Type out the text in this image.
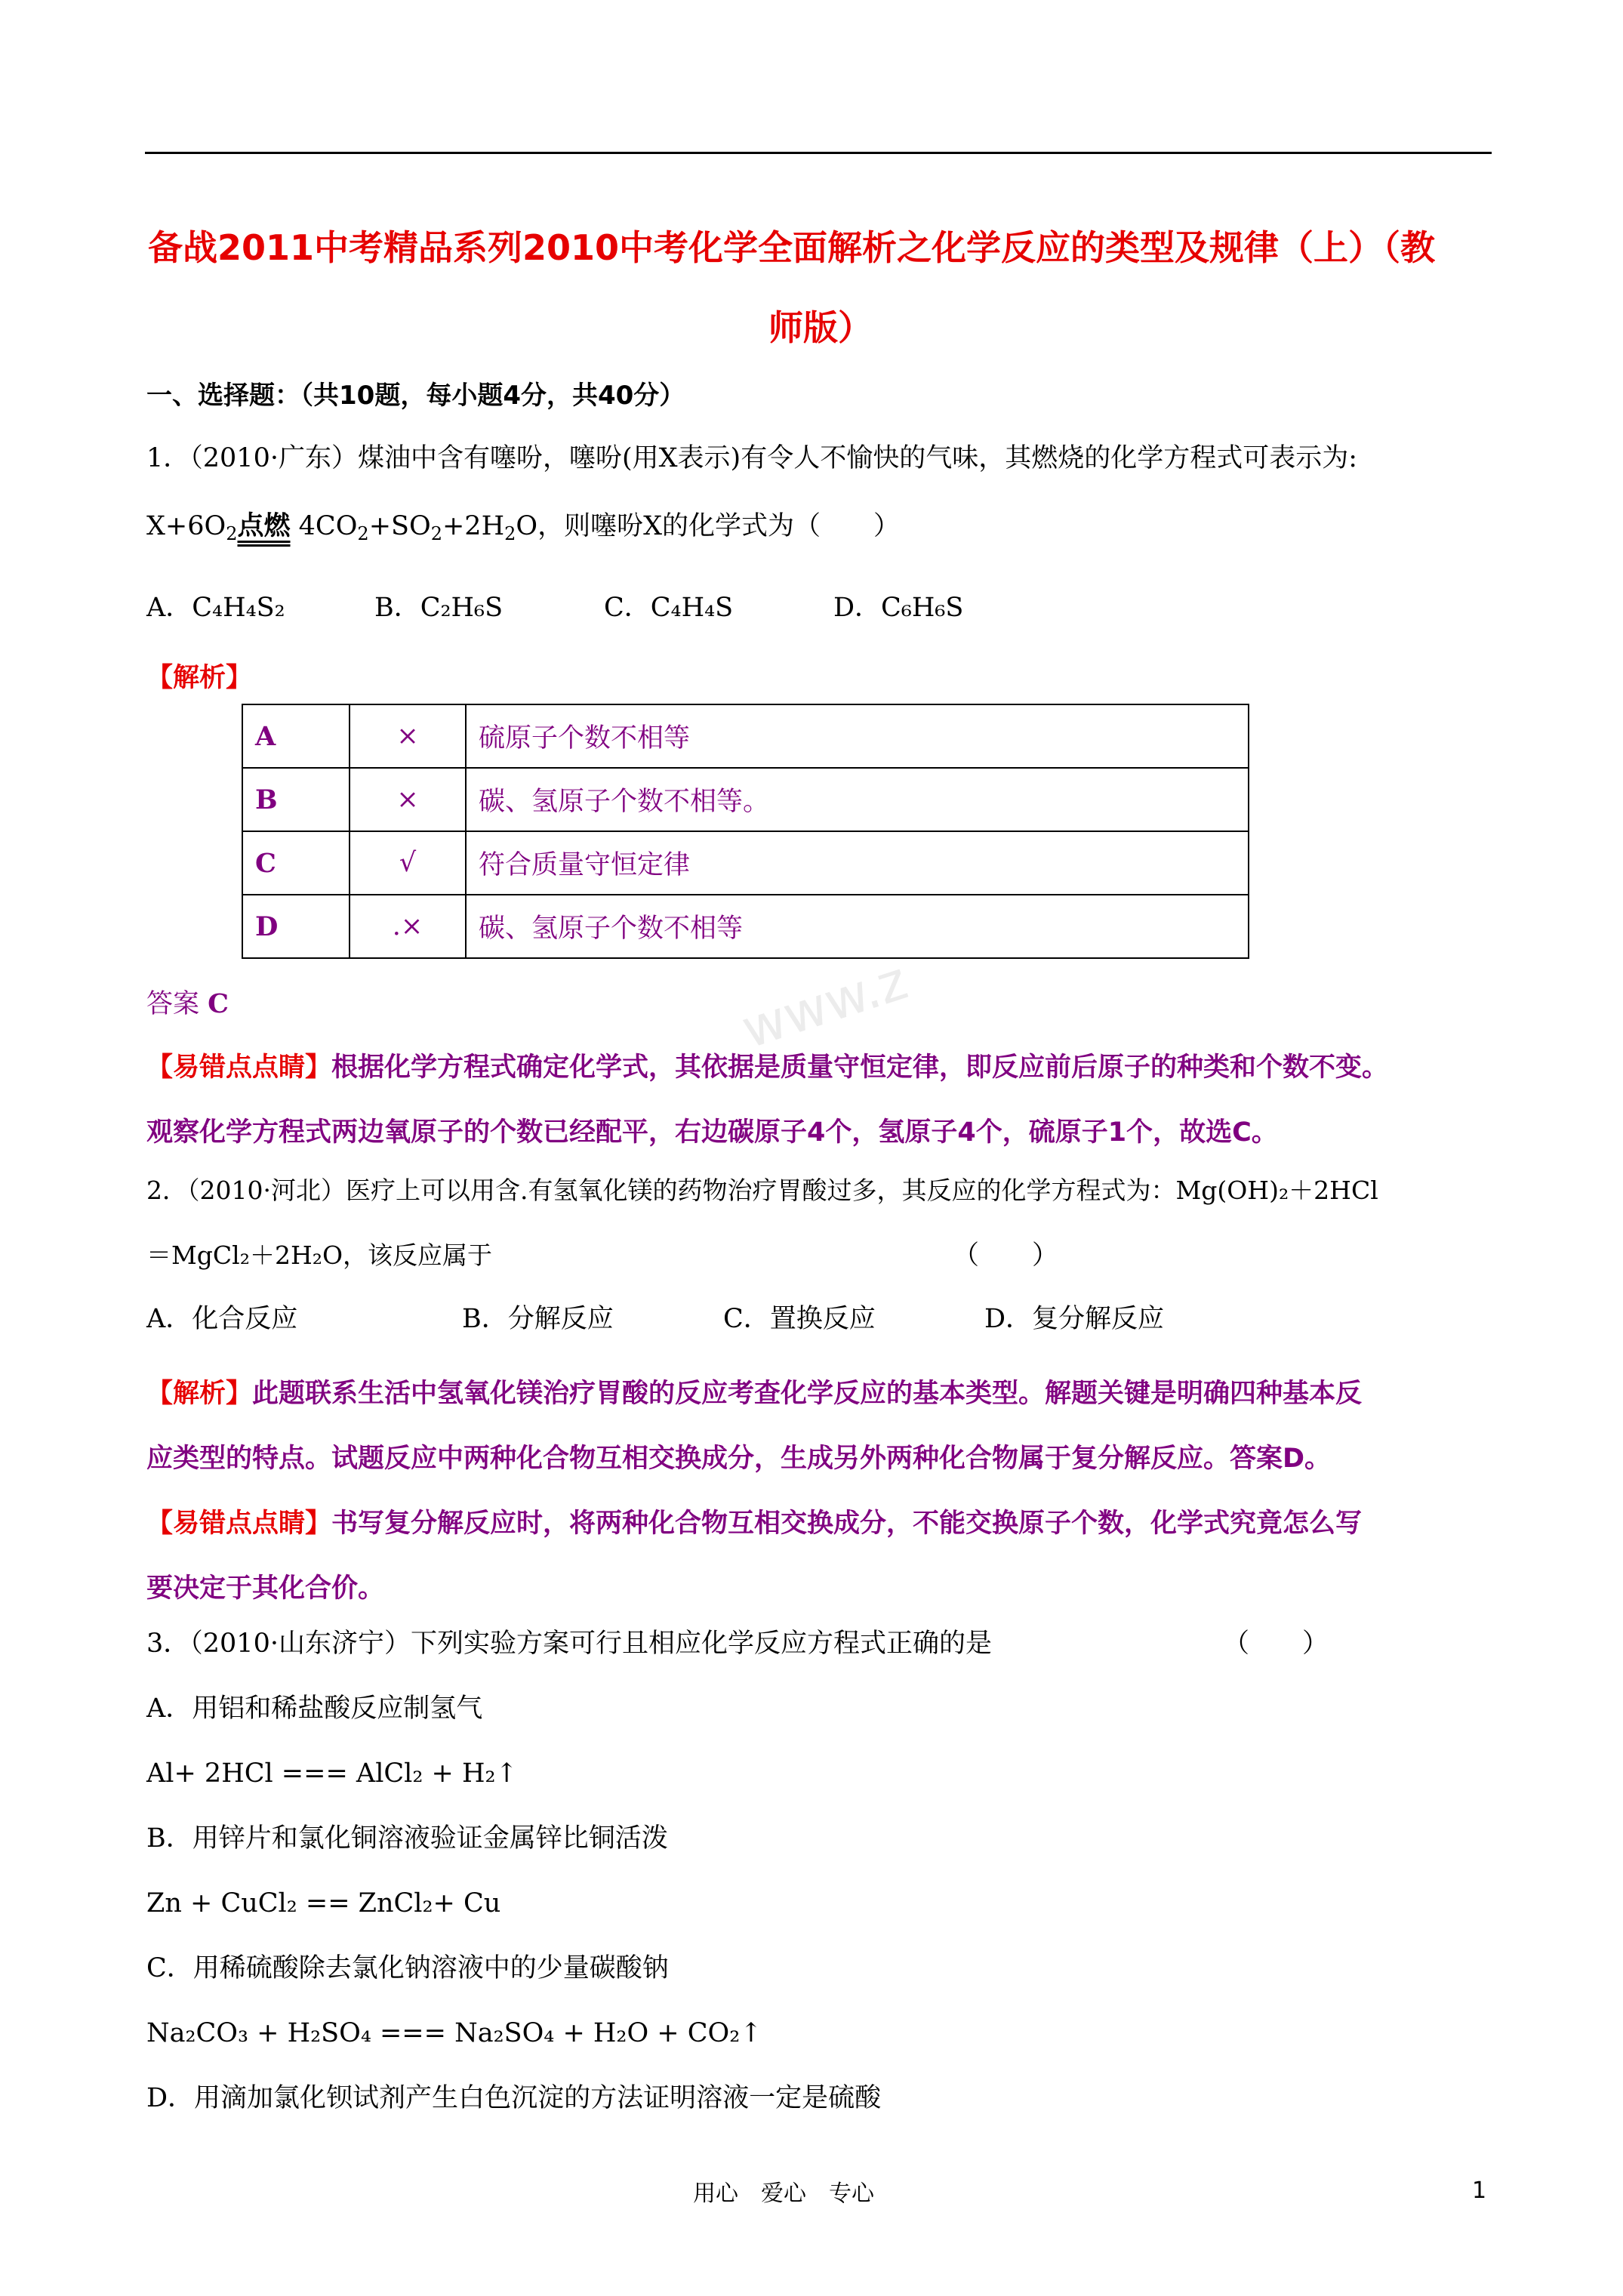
备战2011中考精品系列2010中考化学全面解析之化学反应的类型及规律（上）（教
师版）
一、选择题：（共10题，每小题4分，共40分）
1．（2010·广东）煤油中含有噻吩，噻吩(用X表示)有令人不愉快的气味，其燃烧的化学方程式可表示为:
$X+6O_2$点燃 $4CO_2+SO_2+2H_2O$，则噻吩X的化学式为（　　）
A．C₄H₄S₂	B．C₂H₆S	C．C₄H₄S	D．C₆H₆S
【解析】
A	×	硫原子个数不相等
B	×	碳、氢原子个数不相等。
C	√	符合质量守恒定律
D	.×	碳、氢原子个数不相等
答案 C
【易错点点睛】根据化学方程式确定化学式，其依据是质量守恒定律，即反应前后原子的种类和个数不变。
观察化学方程式两边氧原子的个数已经配平，右边碳原子4个，氢原子4个，硫原子1个，故选C。
2．（2010·河北）医疗上可以用含.有氢氧化镁的药物治疗胃酸过多，其反应的化学方程式为：Mg(OH)₂＋2HCl
＝MgCl₂＋2H₂O，该反应属于	（　　）
A．化合反应	B．分解反应	C．置换反应	D．复分解反应
【解析】此题联系生活中氢氧化镁治疗胃酸的反应考查化学反应的基本类型。解题关键是明确四种基本反
应类型的特点。试题反应中两种化合物互相交换成分，生成另外两种化合物属于复分解反应。答案D。
【易错点点睛】书写复分解反应时，将两种化合物互相交换成分，不能交换原子个数，化学式究竟怎么写
要决定于其化合价。
www.z
3．（2010·山东济宁）下列实验方案可行且相应化学反应方程式正确的是	（　　）
A．用铝和稀盐酸反应制氢气
Al+ 2HCl === AlCl₂ + H₂↑
B．用锌片和氯化铜溶液验证金属锌比铜活泼
Zn + CuCl₂ == ZnCl₂+ Cu
C．用稀硫酸除去氯化钠溶液中的少量碳酸钠
Na₂CO₃ + H₂SO₄ === Na₂SO₄ + H₂O + CO₂↑
D．用滴加氯化钡试剂产生白色沉淀的方法证明溶液一定是硫酸
用心　爱心　专心	1
